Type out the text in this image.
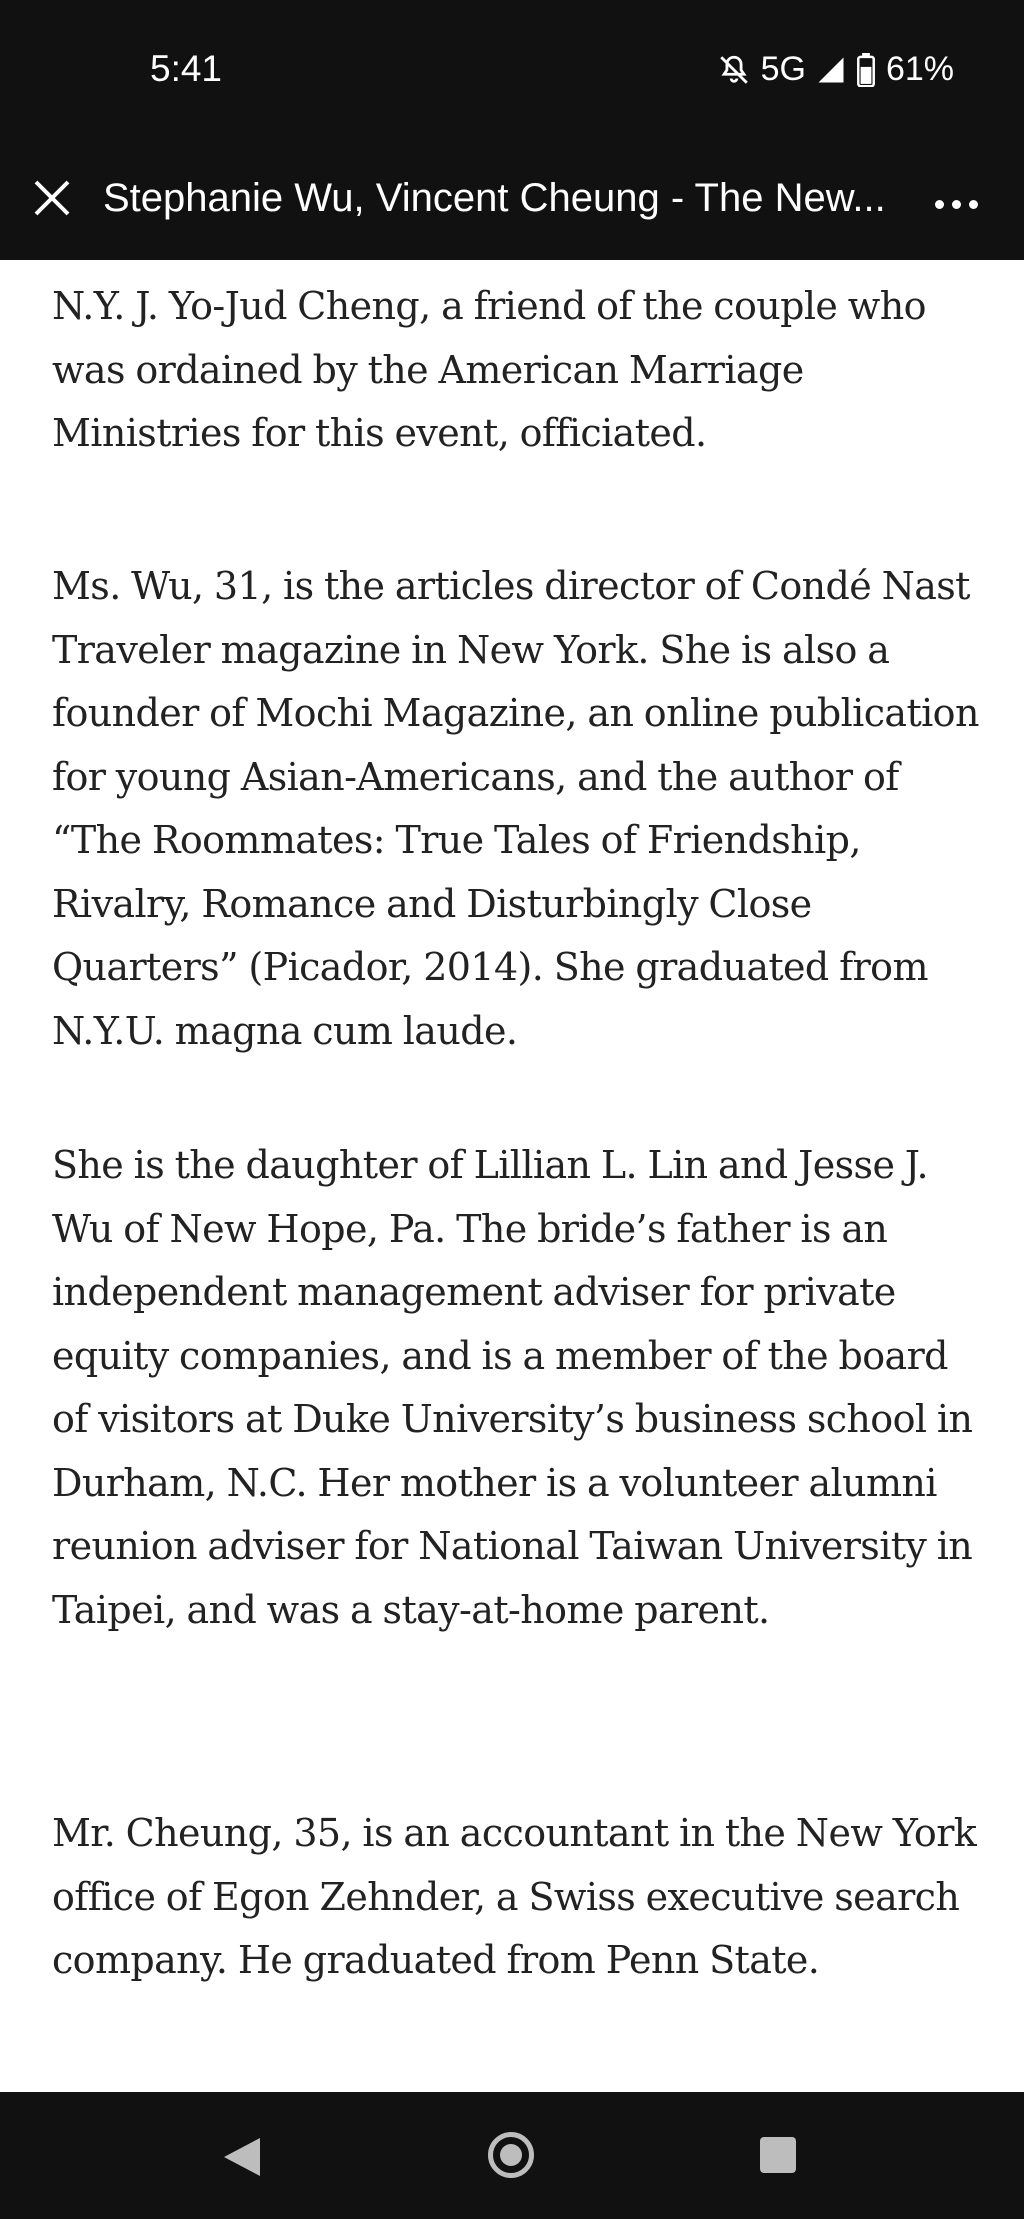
5:41	5G 61%
Stephanie Wu, Vincent Cheung - The New...

N.Y. J. Yo-Jud Cheng, a friend of the couple who was ordained by the American Marriage Ministries for this event, officiated.

Ms. Wu, 31, is the articles director of Condé Nast Traveler magazine in New York. She is also a founder of Mochi Magazine, an online publication for young Asian-Americans, and the author of “The Roommates: True Tales of Friendship, Rivalry, Romance and Disturbingly Close Quarters” (Picador, 2014). She graduated from N.Y.U. magna cum laude.

She is the daughter of Lillian L. Lin and Jesse J. Wu of New Hope, Pa. The bride’s father is an independent management adviser for private equity companies, and is a member of the board of visitors at Duke University’s business school in Durham, N.C. Her mother is a volunteer alumni reunion adviser for National Taiwan University in Taipei, and was a stay-at-home parent.

Mr. Cheung, 35, is an accountant in the New York office of Egon Zehnder, a Swiss executive search company. He graduated from Penn State.
